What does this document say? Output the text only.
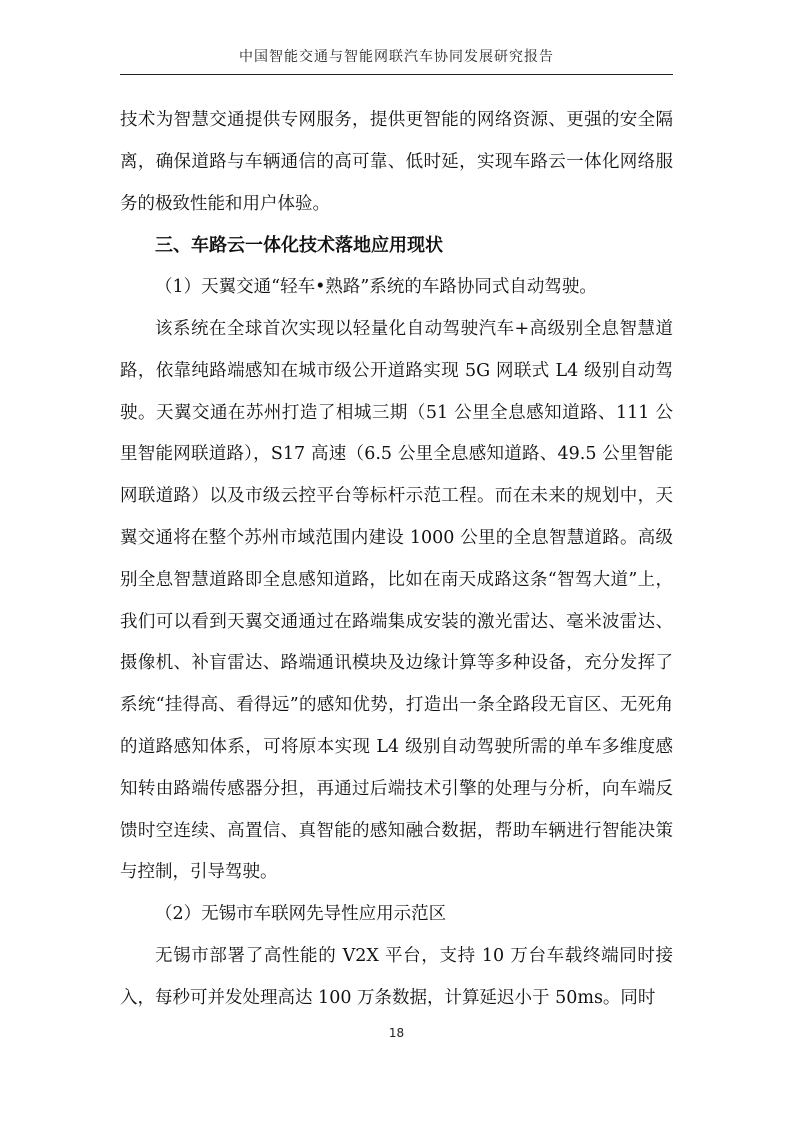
中国智能交通与智能网联汽车协同发展研究报告

技术为智慧交通提供专网服务，提供更智能的网络资源、更强的安全隔离，确保道路与车辆通信的高可靠、低时延，实现车路云一体化网络服务的极致性能和用户体验。

三、车路云一体化技术落地应用现状

（1）天翼交通“轻车•熟路”系统的车路协同式自动驾驶。

该系统在全球首次实现以轻量化自动驾驶汽车+高级别全息智慧道路，依靠纯路端感知在城市级公开道路实现 5G 网联式 L4 级别自动驾驶。天翼交通在苏州打造了相城三期（51 公里全息感知道路、111 公里智能网联道路），S17 高速（6.5 公里全息感知道路、49.5 公里智能网联道路）以及市级云控平台等标杆示范工程。而在未来的规划中，天翼交通将在整个苏州市域范围内建设 1000 公里的全息智慧道路。高级别全息智慧道路即全息感知道路，比如在南天成路这条“智驾大道”上，我们可以看到天翼交通通过在路端集成安装的激光雷达、毫米波雷达、摄像机、补盲雷达、路端通讯模块及边缘计算等多种设备，充分发挥了系统“挂得高、看得远”的感知优势，打造出一条全路段无盲区、无死角的道路感知体系，可将原本实现 L4 级别自动驾驶所需的单车多维度感知转由路端传感器分担，再通过后端技术引擎的处理与分析，向车端反馈时空连续、高置信、真智能的感知融合数据，帮助车辆进行智能决策与控制，引导驾驶。

（2）无锡市车联网先导性应用示范区

无锡市部署了高性能的 V2X 平台，支持 10 万台车载终端同时接入，每秒可并发处理高达 100 万条数据，计算延迟小于 50ms。同时

18
